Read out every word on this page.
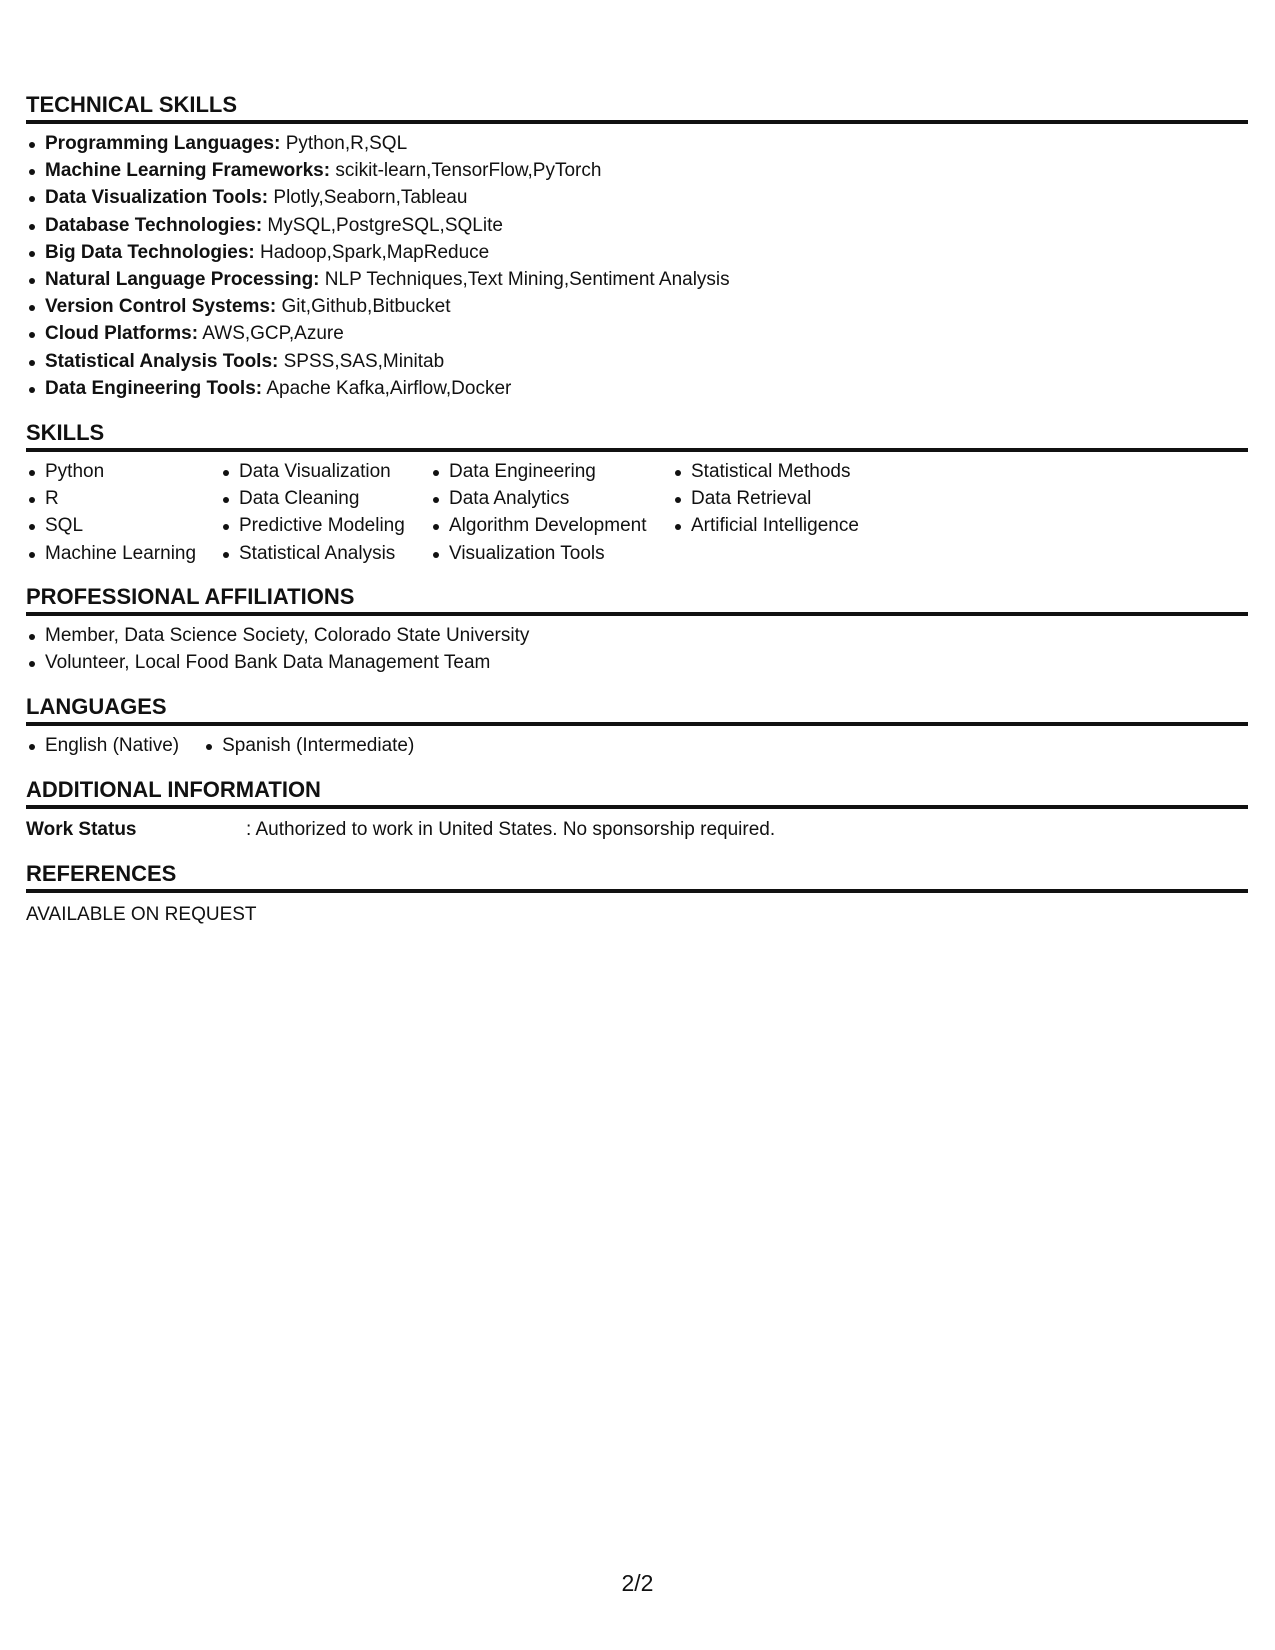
TECHNICAL SKILLS
Programming Languages: Python,R,SQL
Machine Learning Frameworks: scikit-learn,TensorFlow,PyTorch
Data Visualization Tools: Plotly,Seaborn,Tableau
Database Technologies: MySQL,PostgreSQL,SQLite
Big Data Technologies: Hadoop,Spark,MapReduce
Natural Language Processing: NLP Techniques,Text Mining,Sentiment Analysis
Version Control Systems: Git,Github,Bitbucket
Cloud Platforms: AWS,GCP,Azure
Statistical Analysis Tools: SPSS,SAS,Minitab
Data Engineering Tools: Apache Kafka,Airflow,Docker
SKILLS
Python
R
SQL
Machine Learning
Data Visualization
Data Cleaning
Predictive Modeling
Statistical Analysis
Data Engineering
Data Analytics
Algorithm Development
Visualization Tools
Statistical Methods
Data Retrieval
Artificial Intelligence
PROFESSIONAL AFFILIATIONS
Member, Data Science Society, Colorado State University
Volunteer, Local Food Bank Data Management Team
LANGUAGES
English (Native)	Spanish (Intermediate)
ADDITIONAL INFORMATION
Work Status	: Authorized to work in United States. No sponsorship required.
REFERENCES
AVAILABLE ON REQUEST
2/2
